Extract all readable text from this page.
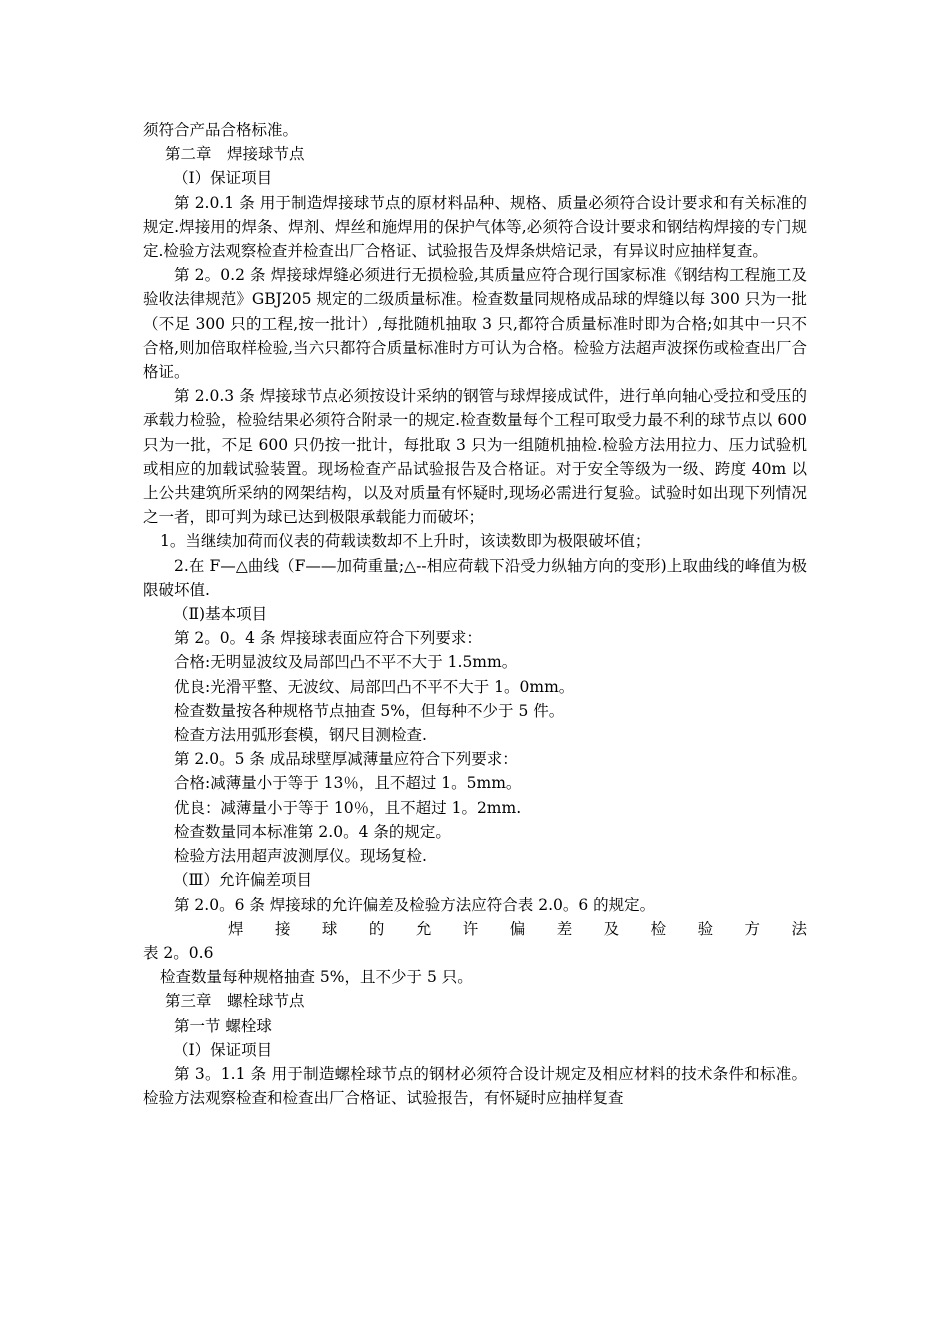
须符合产品合格标准。

第二章　焊接球节点

（Ⅰ）保证项目

第 2.0.1 条 用于制造焊接球节点的原材料品种、规格、质量必须符合设计要求和有关标准的规定.焊接用的焊条、焊剂、焊丝和施焊用的保护气体等,必须符合设计要求和钢结构焊接的专门规定.检验方法观察检查并检查出厂合格证、试验报告及焊条烘焙记录，有异议时应抽样复查。

第 2。0.2 条 焊接球焊缝必须进行无损检验,其质量应符合现行国家标准《钢结构工程施工及验收法律规范》GBJ205 规定的二级质量标准。检查数量同规格成品球的焊缝以每 300 只为一批（不足 300 只的工程,按一批计）,每批随机抽取 3 只,都符合质量标准时即为合格;如其中一只不合格,则加倍取样检验,当六只都符合质量标准时方可认为合格。检验方法超声波探伤或检查出厂合格证。

第 2.0.3 条 焊接球节点必须按设计采纳的钢管与球焊接成试件，进行单向轴心受拉和受压的承载力检验，检验结果必须符合附录一的规定.检查数量每个工程可取受力最不利的球节点以 600 只为一批，不足 600 只仍按一批计，每批取 3 只为一组随机抽检.检验方法用拉力、压力试验机或相应的加载试验装置。现场检查产品试验报告及合格证。对于安全等级为一级、跨度 40m 以上公共建筑所采纳的网架结构，以及对质量有怀疑时,现场必需进行复验。试验时如出现下列情况之一者，即可判为球已达到极限承载能力而破坏；

1。当继续加荷而仪表的荷载读数却不上升时，该读数即为极限破坏值；

2.在 F—△曲线（F——加荷重量;△--相应荷载下沿受力纵轴方向的变形)上取曲线的峰值为极限破坏值.

（Ⅱ)基本项目

第 2。0。4 条 焊接球表面应符合下列要求：

合格:无明显波纹及局部凹凸不平不大于 1.5mm。

优良:光滑平整、无波纹、局部凹凸不平不大于 1。0mm。

检查数量按各种规格节点抽查 5%，但每种不少于 5 件。

检查方法用弧形套模，钢尺目测检查.

第 2.0。5 条 成品球壁厚减薄量应符合下列要求：

合格:减薄量小于等于 13％，且不超过 1。5mm。

优良：减薄量小于等于 10％，且不超过 1。2mm.

检查数量同本标准第 2.0。4 条的规定。

检验方法用超声波测厚仪。现场复检.

（Ⅲ）允许偏差项目

第 2.0。6 条 焊接球的允许偏差及检验方法应符合表 2.0。6 的规定。

焊接球的允许偏差及检验方法

表 2。0.6

检查数量每种规格抽查 5%，且不少于 5 只。

第三章　螺栓球节点

第一节 螺栓球

（Ⅰ）保证项目

第 3。1.1 条 用于制造螺栓球节点的钢材必须符合设计规定及相应材料的技术条件和标准。检验方法观察检查和检查出厂合格证、试验报告，有怀疑时应抽样复查
